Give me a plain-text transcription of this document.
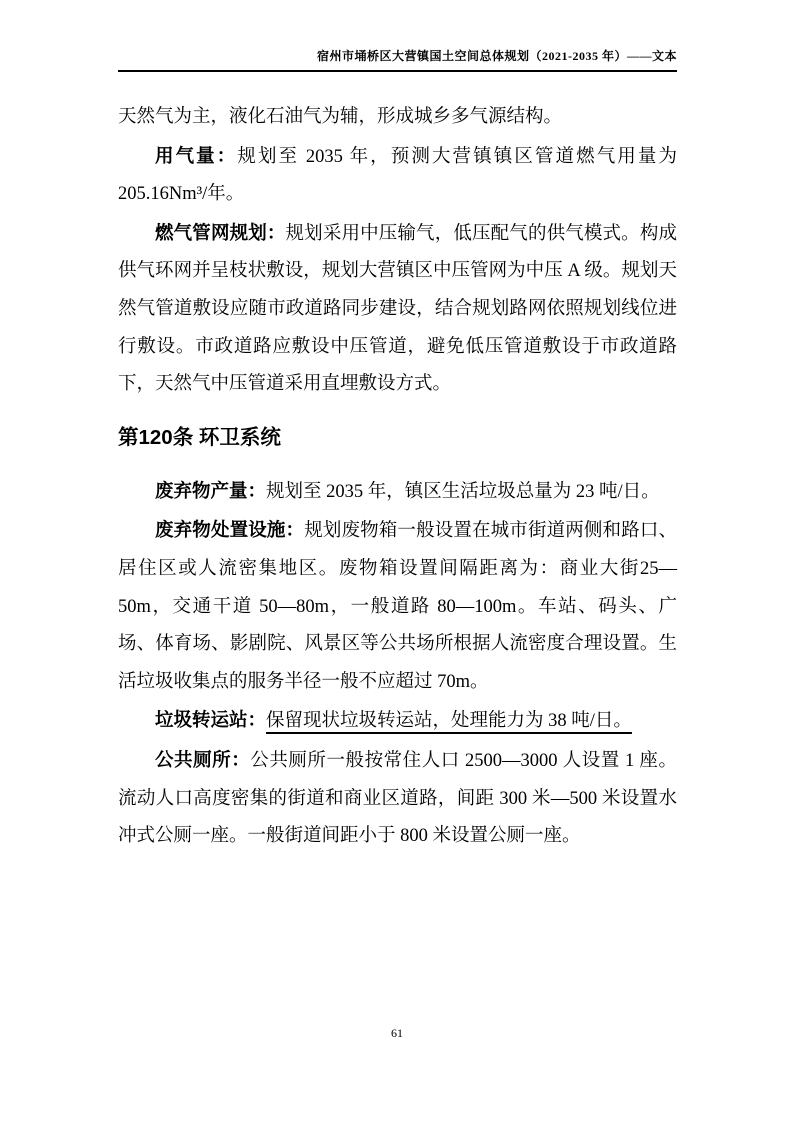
宿州市埇桥区大营镇国土空间总体规划（2021-2035 年）——文本

天然气为主，液化石油气为辅，形成城乡多气源结构。

用气量：规划至 2035 年，预测大营镇镇区管道燃气用量为205.16Nm³/年。

燃气管网规划：规划采用中压输气，低压配气的供气模式。构成供气环网并呈枝状敷设，规划大营镇区中压管网为中压 A 级。规划天然气管道敷设应随市政道路同步建设，结合规划路网依照规划线位进行敷设。市政道路应敷设中压管道，避免低压管道敷设于市政道路下，天然气中压管道采用直埋敷设方式。

第120条 环卫系统

废弃物产量：规划至 2035 年，镇区生活垃圾总量为 23 吨/日。

废弃物处置设施：规划废物箱一般设置在城市街道两侧和路口、居住区或人流密集地区。废物箱设置间隔距离为：商业大街25—50m，交通干道 50—80m，一般道路 80—100m。车站、码头、广场、体育场、影剧院、风景区等公共场所根据人流密度合理设置。生活垃圾收集点的服务半径一般不应超过 70m。

垃圾转运站：保留现状垃圾转运站，处理能力为 38 吨/日。

公共厕所：公共厕所一般按常住人口 2500—3000 人设置 1 座。流动人口高度密集的街道和商业区道路，间距 300 米—500 米设置水冲式公厕一座。一般街道间距小于 800 米设置公厕一座。

61
